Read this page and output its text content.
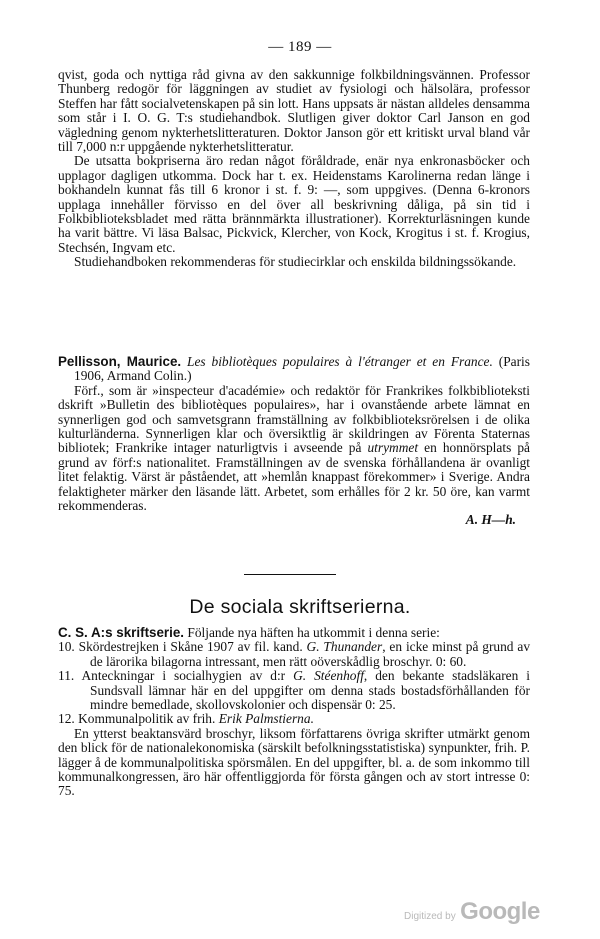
— 189 —

qvist, goda och nyttiga råd givna av den sakkunnige folkbildningsvännen. Professor Thunberg redogör för läggningen av studiet av fysiologi och hälsolära, professor Steffen har fått socialvetenskapen på sin lott. Hans uppsats är nästan alldeles densamma som står i I. O. G. T:s studiehandbok. Slutligen giver doktor Carl Janson en god vägledning genom nykterhetslitteraturen. Doktor Janson gör ett kritiskt urval bland vår till 7,000 n:r uppgående nykterhetslitteratur.

De utsatta bokpriserna äro redan något föråldrade, enär nya enkronasböcker och upplagor dagligen utkomma. Dock har t. ex. Heidenstams Karolinerna redan länge i bokhandeln kunnat fås till 6 kronor i st. f. 9: —, som uppgives. (Denna 6-kronors upplaga innehåller förvisso en del över all beskrivning dåliga, på sin tid i Folkbiblioteksbladet med rätta brännmärkta illustrationer). Korrekturläsningen kunde ha varit bättre. Vi läsa Balsac, Pickvick, Klercher, von Kock, Krogitus i st. f. Krogius, Stechsén, Ingvam etc.

Studiehandboken rekommenderas för studiecirklar och enskilda bildningssökande.

Pellisson, Maurice. Les bibliotèques populaires à l'étranger et en France. (Paris 1906, Armand Colin.)

Förf., som är »inspecteur d'académie» och redaktör för Frankrikes folkbiblioteksti​dskrift »Bulletin des bibliotèques populaires», har i ovanstående arbete lämnat en synnerligen god och samvetsgrann framställning av folkbiblioteksrörelsen i de olika kulturländerna. Synnerligen klar och översiktlig är skildringen av Förenta Staternas bibliotek; Frankrike intager naturligtvis i avseende på utrymmet en honnörsplats på grund av förf:s nationalitet. Framställningen av de svenska förhållandena är ovanligt litet felaktig. Värst är påståendet, att »hemlån knappast förekommer» i Sverige. Andra felaktigheter märker den läsande lätt. Arbetet, som erhålles för 2 kr. 50 öre, kan varmt rekommenderas.

A. H—h.

De sociala skriftserierna.

C. S. A:s skriftserie. Följande nya häften ha utkommit i denna serie:

10. Skördestrejken i Skåne 1907 av fil. kand. G. Thunander, en icke minst på grund av de lärorika bilagorna intressant, men rätt oöverskådlig broschyr. 0: 60.

11. Anteckningar i socialhygien av d:r G. Stéenhoff, den bekante stadsläkaren i Sundsvall lämnar här en del uppgifter om denna stads bostadsförhållanden för mindre bemedlade, skollovskolonier och dispensär 0: 25.

12. Kommunalpolitik av frih. Erik Palmstierna.

En ytterst beaktansvärd broschyr, liksom författarens övriga skrifter utmärkt genom den blick för de nationalekonomiska (särskilt befolkningsstatistiska) synpunkter, frih. P. lägger å de kommunalpolitiska spörsmålen. En del uppgifter, bl. a. de som inkommo till kommunalkongressen, äro här offentliggjorda för första gången och av stort intresse 0: 75.

Digitized by Google
